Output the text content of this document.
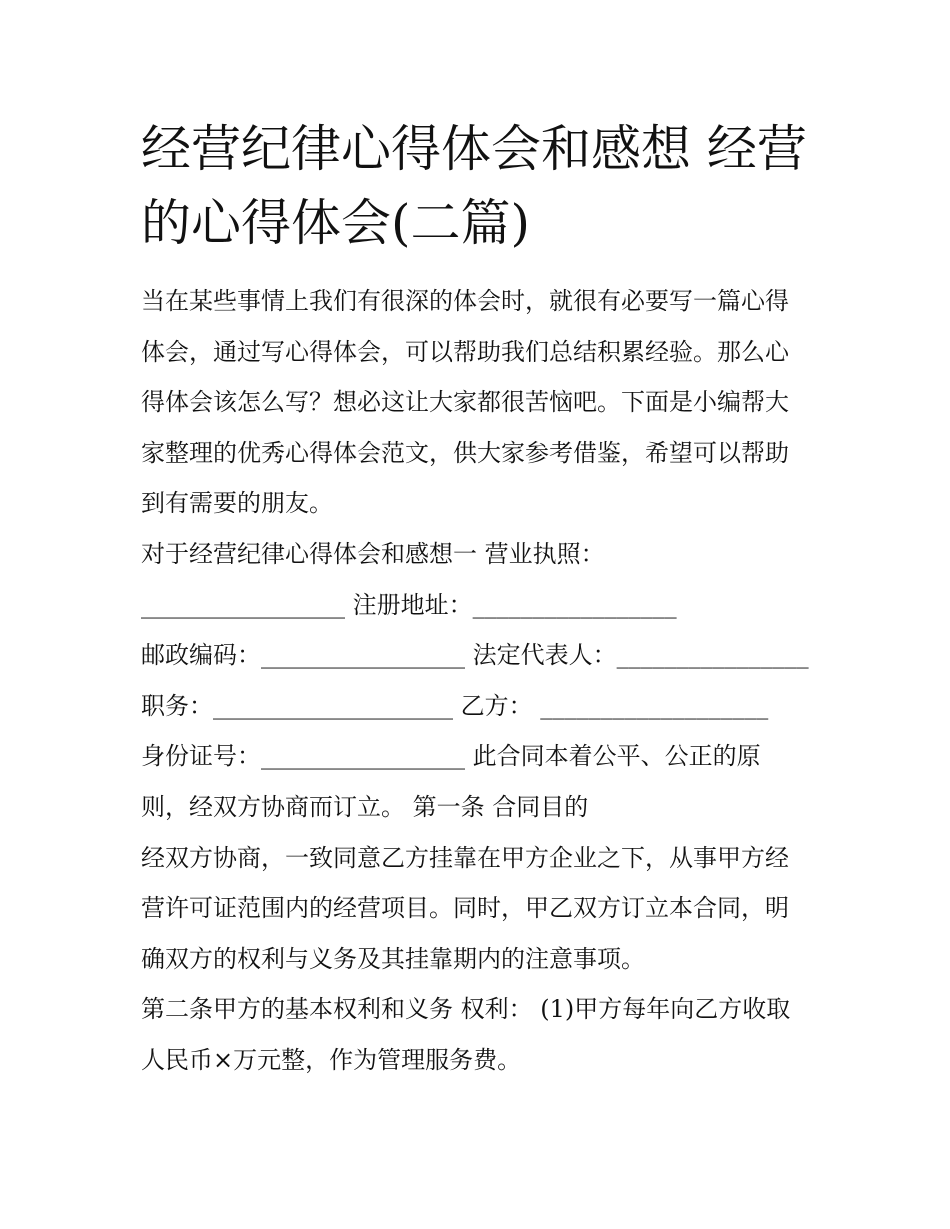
经营纪律心得体会和感想 经营
的心得体会(二篇)
当在某些事情上我们有很深的体会时，就很有必要写一篇心得
体会，通过写心得体会，可以帮助我们总结积累经验。那么心
得体会该怎么写？想必这让大家都很苦恼吧。下面是小编帮大
家整理的优秀心得体会范文，供大家参考借鉴，希望可以帮助
到有需要的朋友。
对于经营纪律心得体会和感想一 营业执照：
_________________ 注册地址：_________________
邮政编码：_________________ 法定代表人：________________
职务：____________________ 乙方： ___________________
身份证号：_________________ 此合同本着公平、公正的原
则，经双方协商而订立。 第一条 合同目的
经双方协商，一致同意乙方挂靠在甲方企业之下，从事甲方经
营许可证范围内的经营项目。同时，甲乙双方订立本合同，明
确双方的权利与义务及其挂靠期内的注意事项。
第二条甲方的基本权利和义务 权利： (1)甲方每年向乙方收取
人民币×万元整，作为管理服务费。
